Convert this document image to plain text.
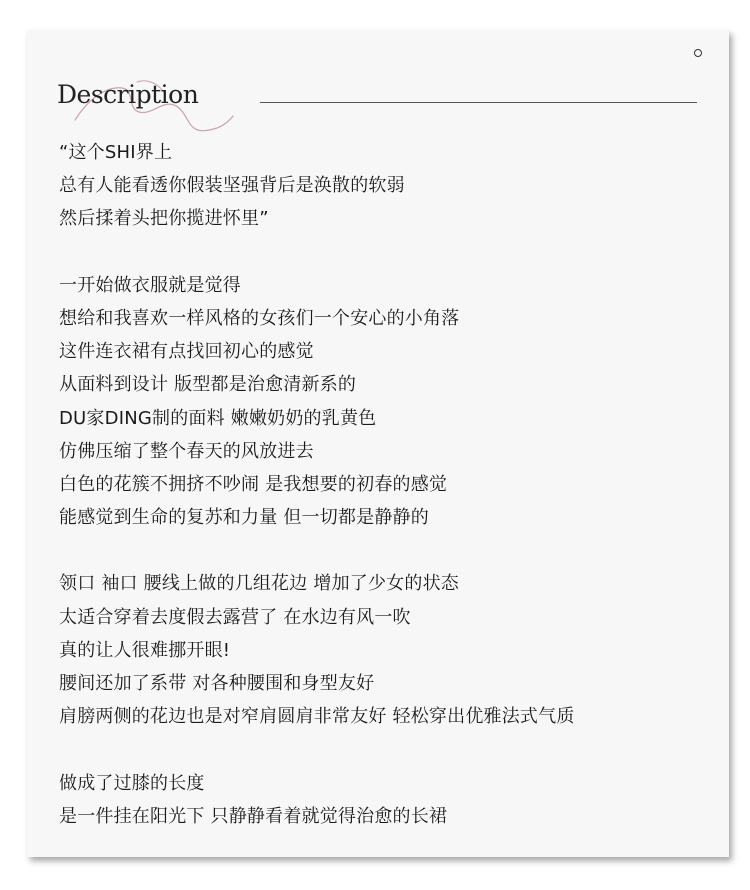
Description
“这个SHI界上
总有人能看透你假装坚强背后是涣散的软弱
然后揉着头把你揽进怀里”
一开始做衣服就是觉得
想给和我喜欢一样风格的女孩们一个安心的小角落
这件连衣裙有点找回初心的感觉
从面料到设计 版型都是治愈清新系的
DU家DING制的面料 嫩嫩奶奶的乳黄色
仿佛压缩了整个春天的风放进去
白色的花簇不拥挤不吵闹 是我想要的初春的感觉
能感觉到生命的复苏和力量 但一切都是静静的
领口 袖口 腰线上做的几组花边 增加了少女的状态
太适合穿着去度假去露营了 在水边有风一吹
真的让人很难挪开眼!
腰间还加了系带 对各种腰围和身型友好
肩膀两侧的花边也是对窄肩圆肩非常友好 轻松穿出优雅法式气质
做成了过膝的长度
是一件挂在阳光下 只静静看着就觉得治愈的长裙
